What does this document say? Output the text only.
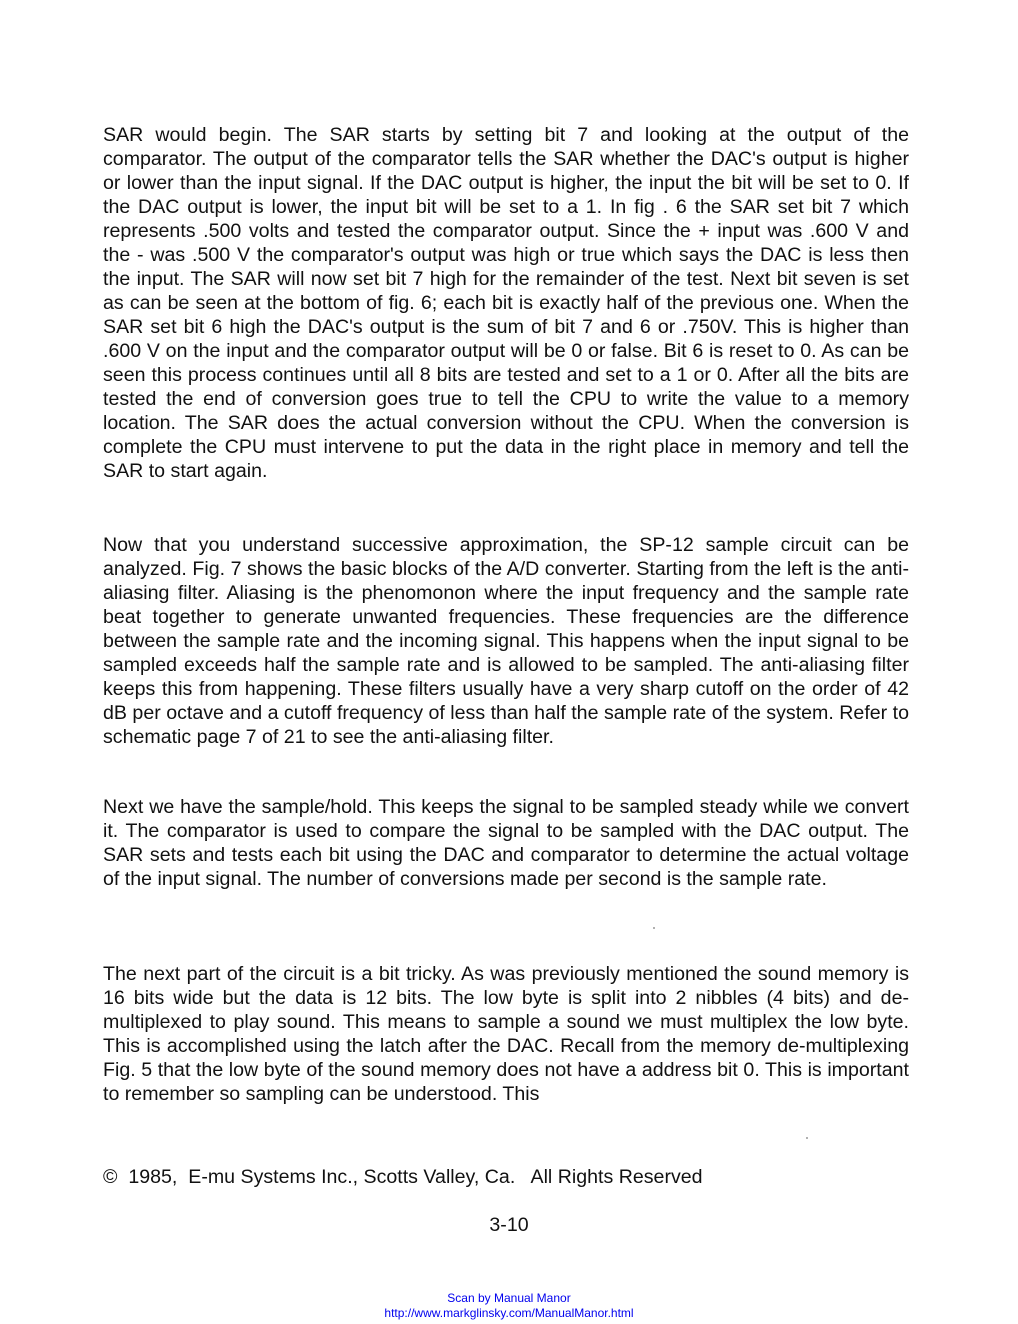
SAR would begin. The SAR starts by setting bit 7 and looking at the output of the comparator. The output of the comparator tells the SAR whether the DAC's output is higher or lower than the input signal. If the DAC output is higher, the input the bit will be set to 0. If the DAC output is lower, the input bit will be set to a 1. In fig . 6 the SAR set bit 7 which represents .500 volts and tested the comparator output. Since the + input was .600 V and the - was .500 V the comparator's output was high or true which says the DAC is less then the input. The SAR will now set bit 7 high for the remainder of the test. Next bit seven is set as can be seen at the bottom of fig. 6; each bit is exactly half of the previous one. When the SAR set bit 6 high the DAC's output is the sum of bit 7 and 6 or .750V. This is higher than .600 V on the input and the comparator output will be 0 or false. Bit 6 is reset to 0. As can be seen this process continues until all 8 bits are tested and set to a 1 or 0. After all the bits are tested the end of conversion goes true to tell the CPU to write the value to a memory location. The SAR does the actual conversion without the CPU. When the conversion is complete the CPU must intervene to put the data in the right place in memory and tell the SAR to start again.

Now that you understand successive approximation, the SP-12 sample circuit can be analyzed. Fig. 7 shows the basic blocks of the A/D converter. Starting from the left is the anti-aliasing filter. Aliasing is the phenomonon where the input frequency and the sample rate beat together to generate unwanted frequencies. These frequencies are the difference between the sample rate and the incoming signal. This happens when the input signal to be sampled exceeds half the sample rate and is allowed to be sampled. The anti-aliasing filter keeps this from happening. These filters usually have a very sharp cutoff on the order of 42 dB per octave and a cutoff frequency of less than half the sample rate of the system. Refer to schematic page 7 of 21 to see the anti-aliasing filter.

Next we have the sample/hold. This keeps the signal to be sampled steady while we convert it. The comparator is used to compare the signal to be sampled with the DAC output. The SAR sets and tests each bit using the DAC and comparator to determine the actual voltage of the input signal. The number of conversions made per second is the sample rate.

The next part of the circuit is a bit tricky. As was previously mentioned the sound memory is 16 bits wide but the data is 12 bits. The low byte is split into 2 nibbles (4 bits) and de-multiplexed to play sound. This means to sample a sound we must multiplex the low byte. This is accomplished using the latch after the DAC. Recall from the memory de-multiplexing Fig. 5 that the low byte of the sound memory does not have a address bit 0. This is important to remember so sampling can be understood. This

©  1985,  E-mu Systems Inc., Scotts Valley, Ca.   All Rights Reserved
3-10
Scan by Manual Manor
http://www.markglinsky.com/ManualManor.html
